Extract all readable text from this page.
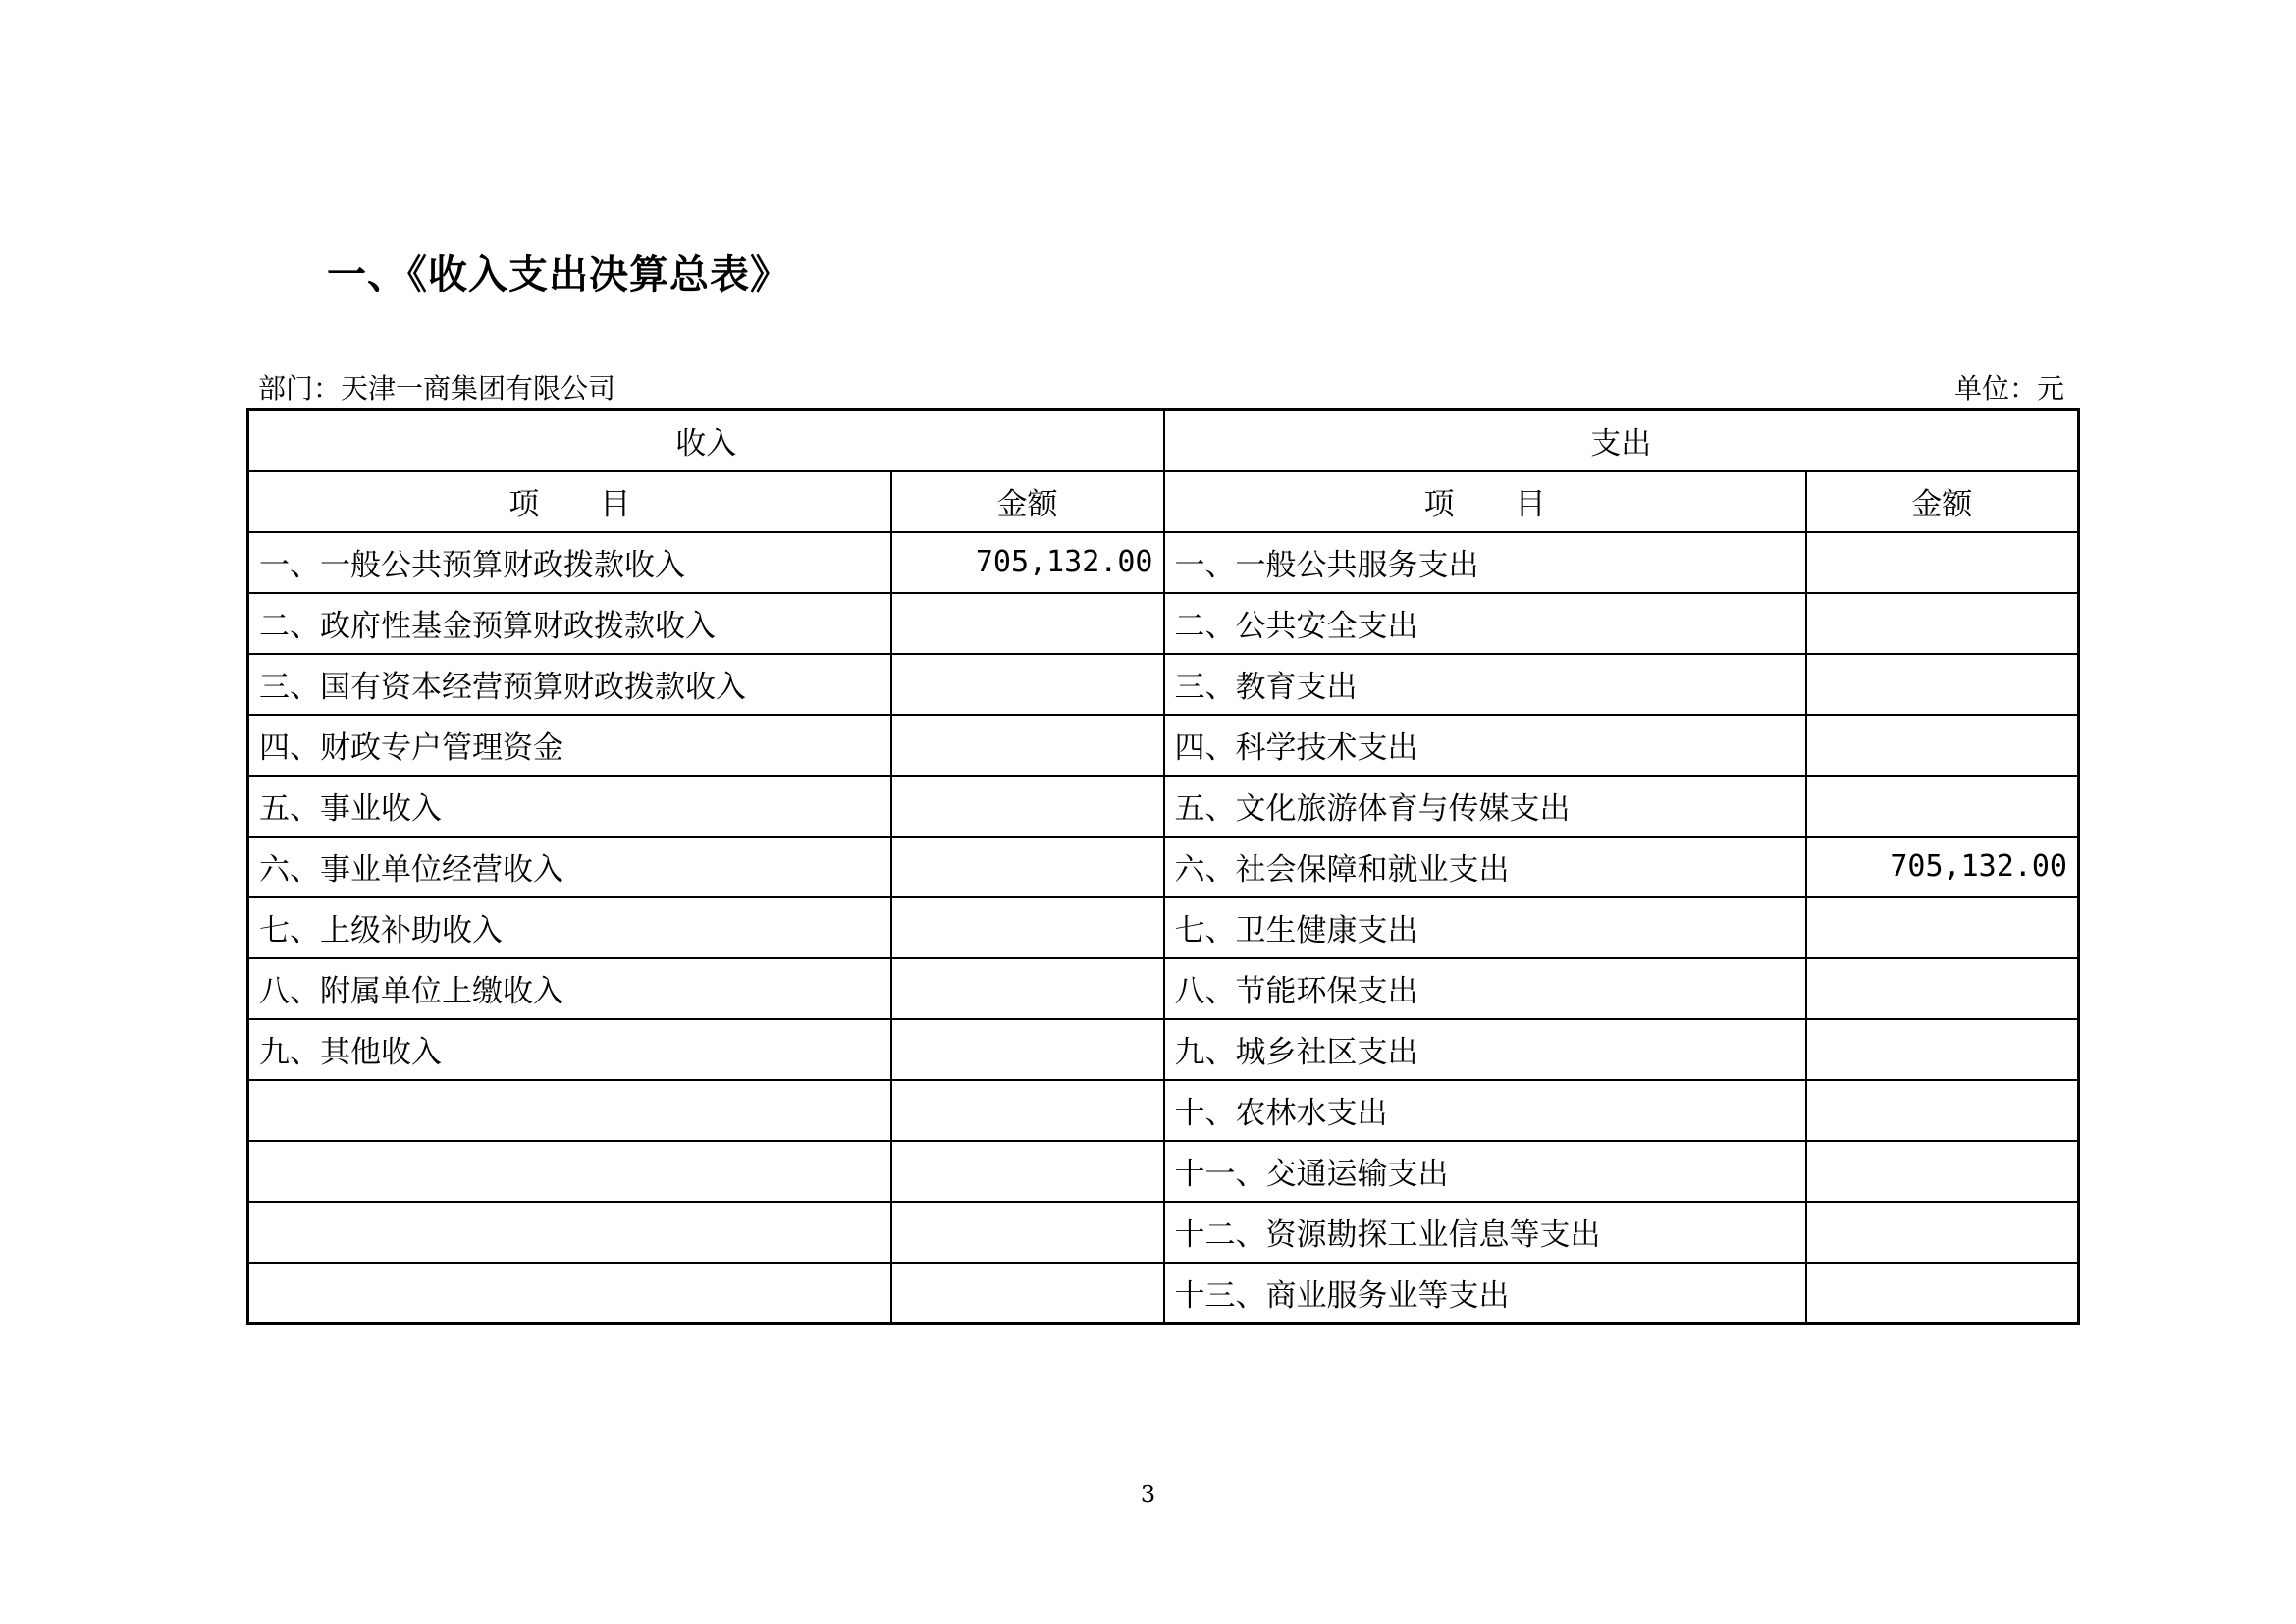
一、《收入支出决算总表》
部门：天津一商集团有限公司	单位：元
收入		支出	
项　　目	金额	项　　目	金额
一、一般公共预算财政拨款收入	705,132.00	一、一般公共服务支出	
二、政府性基金预算财政拨款收入		二、公共安全支出	
三、国有资本经营预算财政拨款收入		三、教育支出	
四、财政专户管理资金		四、科学技术支出	
五、事业收入		五、文化旅游体育与传媒支出	
六、事业单位经营收入		六、社会保障和就业支出	705,132.00
七、上级补助收入		七、卫生健康支出	
八、附属单位上缴收入		八、节能环保支出	
九、其他收入		九、城乡社区支出	
		十、农林水支出	
		十一、交通运输支出	
		十二、资源勘探工业信息等支出	
		十三、商业服务业等支出	
3
